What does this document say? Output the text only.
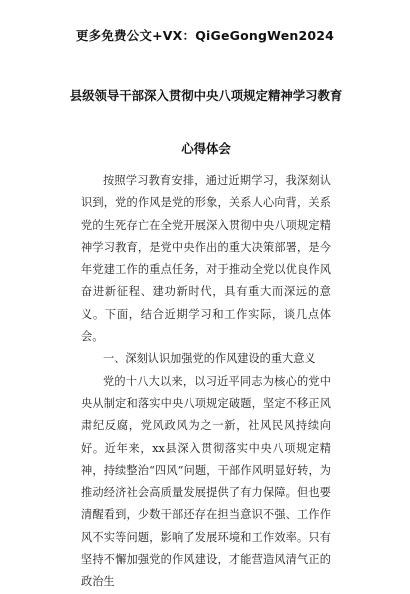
更多免费公文+VX：QiGeGongWen2024
县级领导干部深入贯彻中央八项规定精神学习教育心得体会

按照学习教育安排，通过近期学习，我深刻认识到，党的作风是党的形象，关系人心向背，关系党的生死存亡在全党开展深入贯彻中央八项规定精神学习教育，是党中央作出的重大决策部署，是今年党建工作的重点任务，对于推动全党以优良作风奋进新征程、建功新时代，具有重大而深远的意义。下面，结合近期学习和工作实际，谈几点体会。

一、深刻认识加强党的作风建设的重大意义

党的十八大以来，以习近平同志为核心的党中央从制定和落实中央八项规定破题，坚定不移正风肃纪反腐，党风政风为之一新，社风民风持续向好。近年来，xx县深入贯彻落实中央八项规定精神，持续整治“四风”问题，干部作风明显好转，为推动经济社会高质量发展提供了有力保障。但也要清醒看到，少数干部还存在担当意识不强、工作作风不实等问题，影响了发展环境和工作效率。只有坚持不懈加强党的作风建设，才能营造风清气正的政治生
